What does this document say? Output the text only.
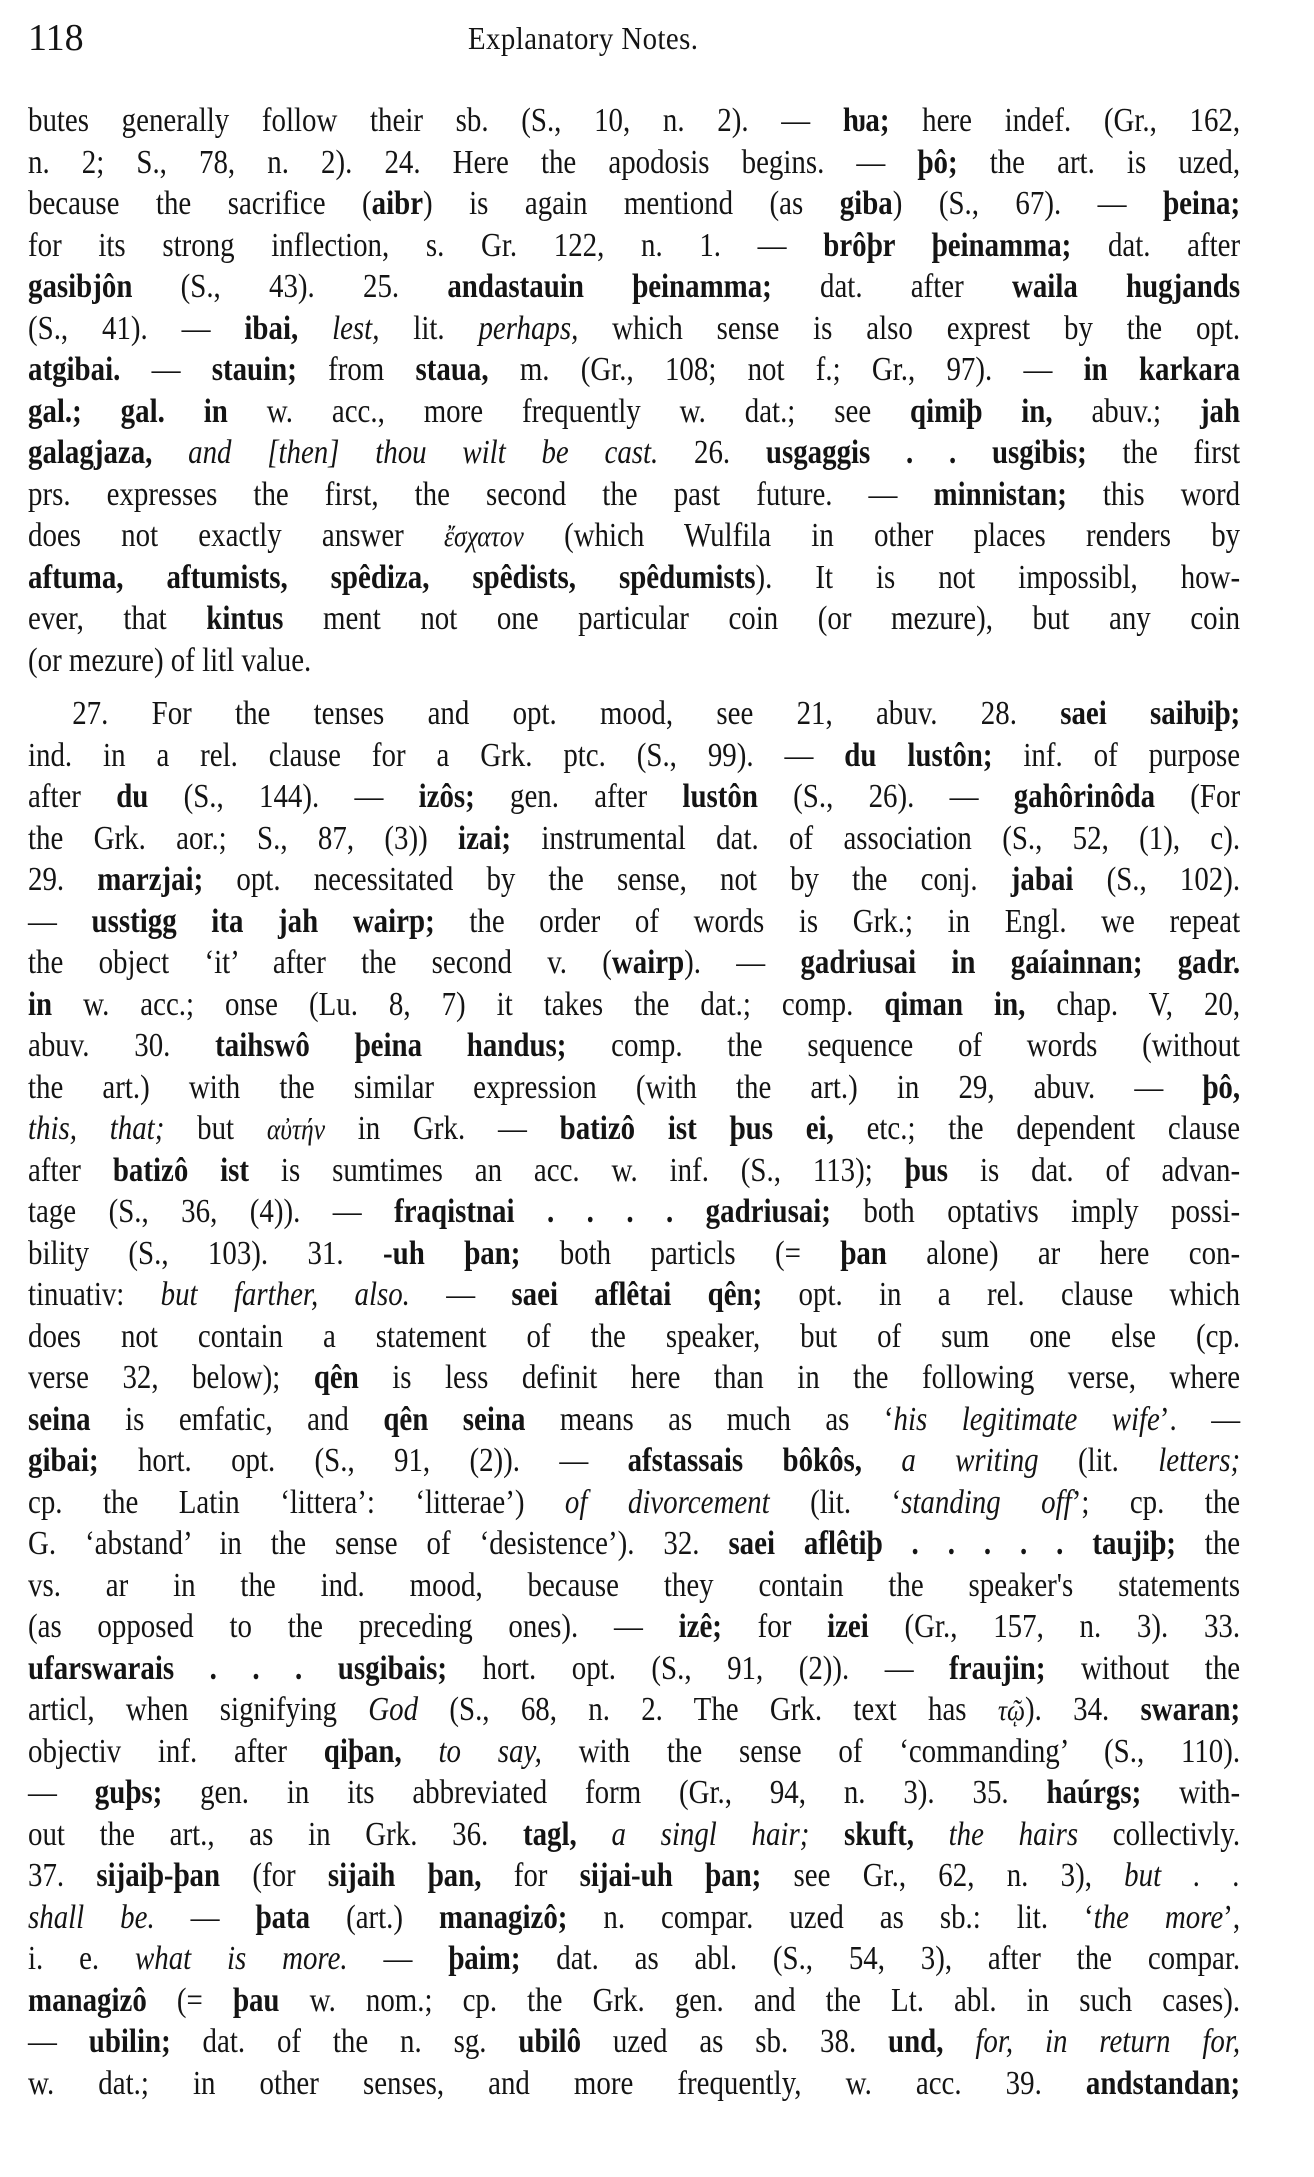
118	Explanatory Notes.
butes generally follow their sb. (S., 10, n. 2). — ƕa; here indef. (Gr., 162,
n. 2; S., 78, n. 2). 24. Here the apodosis begins. — þô; the art. is uzed,
because the sacrifice (aibr) is again mentiond (as giba) (S., 67). — þeina;
for its strong inflection, s. Gr. 122, n. 1. — brôþr þeinamma; dat. after
gasibjôn (S., 43). 25. andastauin þeinamma; dat. after waila hugjands
(S., 41). — ibai, lest, lit. perhaps, which sense is also exprest by the opt.
atgibai. — stauin; from staua, m. (Gr., 108; not f.; Gr., 97). — in karkara
gal.; gal. in w. acc., more frequently w. dat.; see qimiþ in, abuv.; jah
galagjaza, and [then] thou wilt be cast. 26. usgaggis . . usgibis; the first
prs. expresses the first, the second the past future. — minnistan; this word
does not exactly answer ἔσχατον (which Wulfila in other places renders by
aftuma, aftumists, spêdiza, spêdists, spêdumists). It is not impossibl, how-
ever, that kintus ment not one particular coin (or mezure), but any coin
(or mezure) of litl value.
27. For the tenses and opt. mood, see 21, abuv. 28. saei saiƕiþ;
ind. in a rel. clause for a Grk. ptc. (S., 99). — du lustôn; inf. of purpose
after du (S., 144). — izôs; gen. after lustôn (S., 26). — gahôrinôda (For
the Grk. aor.; S., 87, (3)) izai; instrumental dat. of association (S., 52, (1), c).
29. marzjai; opt. necessitated by the sense, not by the conj. jabai (S., 102).
— usstigg ita jah wairp; the order of words is Grk.; in Engl. we repeat
the object ‘it’ after the second v. (wairp). — gadriusai in gaíainnan; gadr.
in w. acc.; onse (Lu. 8, 7) it takes the dat.; comp. qiman in, chap. V, 20,
abuv. 30. taihswô þeina handus; comp. the sequence of words (without
the art.) with the similar expression (with the art.) in 29, abuv. — þô,
this, that; but αὐτήν in Grk. — batizô ist þus ei, etc.; the dependent clause
after batizô ist is sumtimes an acc. w. inf. (S., 113); þus is dat. of advan-
tage (S., 36, (4)). — fraqistnai . . . . gadriusai; both optativs imply possi-
bility (S., 103). 31. -uh þan; both particls (= þan alone) ar here con-
tinuativ: but farther, also. — saei aflêtai qên; opt. in a rel. clause which
does not contain a statement of the speaker, but of sum one else (cp.
verse 32, below); qên is less definit here than in the following verse, where
seina is emfatic, and qên seina means as much as ‘his legitimate wife’. —
gibai; hort. opt. (S., 91, (2)). — afstassais bôkôs, a writing (lit. letters;
cp. the Latin ‘littera’: ‘litterae’) of divorcement (lit. ‘standing off’; cp. the
G. ‘abstand’ in the sense of ‘desistence’). 32. saei aflêtiþ . . . . . taujiþ; the
vs. ar in the ind. mood, because they contain the speaker's statements
(as opposed to the preceding ones). — izê; for izei (Gr., 157, n. 3). 33.
ufarswarais . . . usgibais; hort. opt. (S., 91, (2)). — fraujin; without the
articl, when signifying God (S., 68, n. 2. The Grk. text has τῷ). 34. swaran;
objectiv inf. after qiþan, to say, with the sense of ‘commanding’ (S., 110).
— guþs; gen. in its abbreviated form (Gr., 94, n. 3). 35. haúrgs; with-
out the art., as in Grk. 36. tagl, a singl hair; skuft, the hairs collectivly.
37. sijaiþ-þan (for sijaih þan, for sijai-uh þan; see Gr., 62, n. 3), but . .
shall be. — þata (art.) managizô; n. compar. uzed as sb.: lit. ‘the more’,
i. e. what is more. — þaim; dat. as abl. (S., 54, 3), after the compar.
managizô (= þau w. nom.; cp. the Grk. gen. and the Lt. abl. in such cases).
— ubilin; dat. of the n. sg. ubilô uzed as sb. 38. und, for, in return for,
w. dat.; in other senses, and more frequently, w. acc. 39. andstandan;
